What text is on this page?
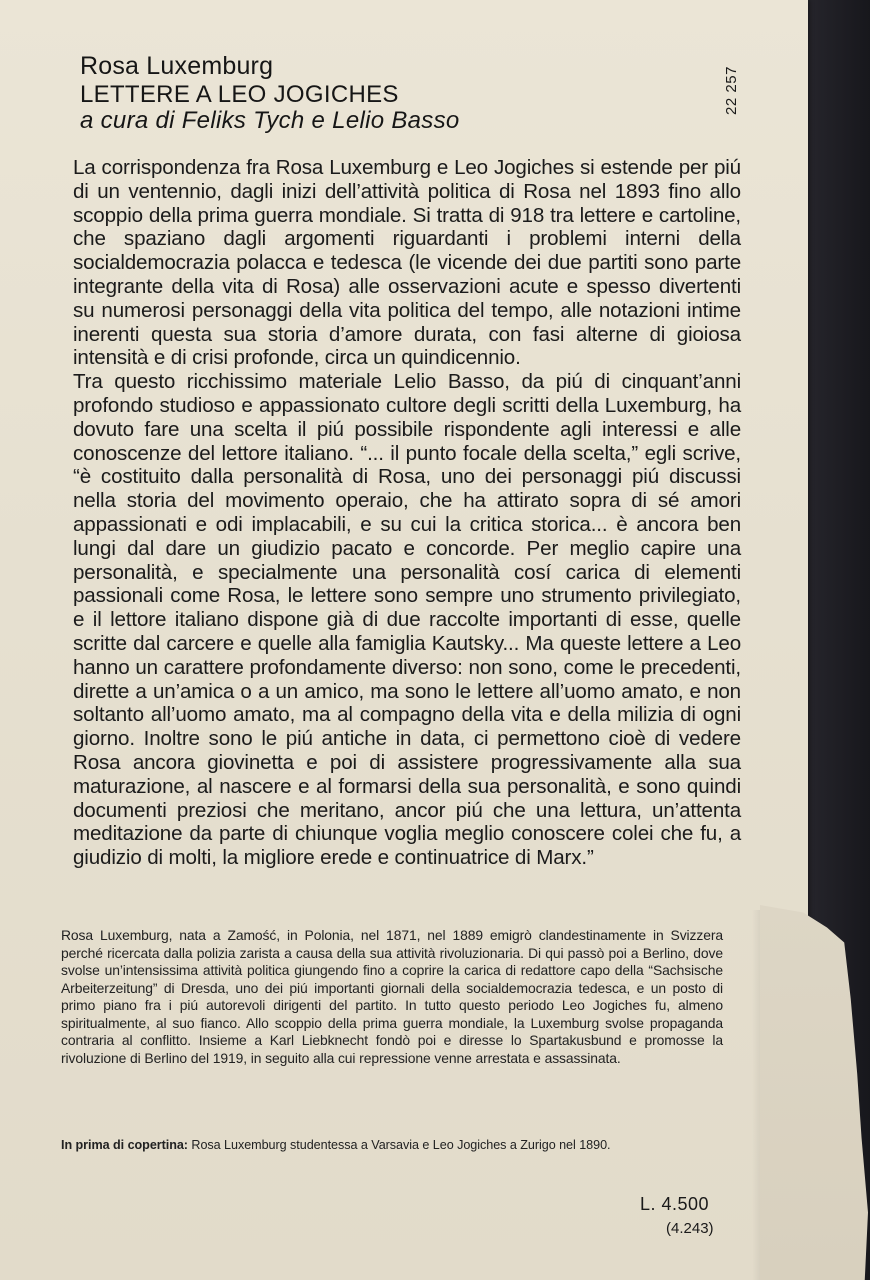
Rosa Luxemburg
LETTERE A LEO JOGICHES
a cura di Feliks Tych e Lelio Basso
22 257

La corrispondenza fra Rosa Luxemburg e Leo Jogiches si estende per piú di un ventennio, dagli inizi dell’attività politica di Rosa nel 1893 fino allo scoppio della prima guerra mondiale. Si tratta di 918 tra lettere e cartoline, che spaziano dagli argomenti riguardanti i problemi interni della socialdemocrazia polacca e tedesca (le vicende dei due partiti sono parte integrante della vita di Rosa) alle osservazioni acute e spesso divertenti su numerosi personaggi della vita politica del tempo, alle notazioni intime inerenti questa sua storia d’amore durata, con fasi alterne di gioiosa intensità e di crisi profonde, circa un quindicennio.

Tra questo ricchissimo materiale Lelio Basso, da piú di cinquant’anni profondo studioso e appassionato cultore degli scritti della Luxemburg, ha dovuto fare una scelta il piú possibile rispondente agli interessi e alle conoscenze del lettore italiano. “... il punto focale della scelta,” egli scrive, “è costituito dalla personalità di Rosa, uno dei personaggi piú discussi nella storia del movimento operaio, che ha attirato sopra di sé amori appassionati e odi implacabili, e su cui la critica storica... è ancora ben lungi dal dare un giudizio pacato e concorde. Per meglio capire una personalità, e specialmente una personalità cosí carica di elementi passionali come Rosa, le lettere sono sempre uno strumento privilegiato, e il lettore italiano dispone già di due raccolte importanti di esse, quelle scritte dal carcere e quelle alla famiglia Kautsky... Ma queste lettere a Leo hanno un carattere profondamente diverso: non sono, come le precedenti, dirette a un’amica o a un amico, ma sono le lettere all’uomo amato, e non soltanto all’uomo amato, ma al compagno della vita e della milizia di ogni giorno. Inoltre sono le piú antiche in data, ci permettono cioè di vedere Rosa ancora giovinetta e poi di assistere progressivamente alla sua maturazione, al nascere e al formarsi della sua personalità, e sono quindi documenti preziosi che meritano, ancor piú che una lettura, un’attenta meditazione da parte di chiunque voglia meglio conoscere colei che fu, a giudizio di molti, la migliore erede e continuatrice di Marx.”

Rosa Luxemburg, nata a Zamość, in Polonia, nel 1871, nel 1889 emigrò clandestinamente in Svizzera perché ricercata dalla polizia zarista a causa della sua attività rivoluzionaria. Di qui passò poi a Berlino, dove svolse un’intensissima attività politica giungendo fino a coprire la carica di redattore capo della “Sachsische Arbeiterzeitung” di Dresda, uno dei piú importanti giornali della socialdemocrazia tedesca, e un posto di primo piano fra i piú autorevoli dirigenti del partito. In tutto questo periodo Leo Jogiches fu, almeno spiritualmente, al suo fianco. Allo scoppio della prima guerra mondiale, la Luxemburg svolse propaganda contraria al conflitto. Insieme a Karl Liebknecht fondò poi e diresse lo Spartakusbund e promosse la rivoluzione di Berlino del 1919, in seguito alla cui repressione venne arrestata e assassinata.
In prima di copertina: Rosa Luxemburg studentessa a Varsavia e Leo Jogiches a Zurigo nel 1890.
L. 4.500
(4.243)
